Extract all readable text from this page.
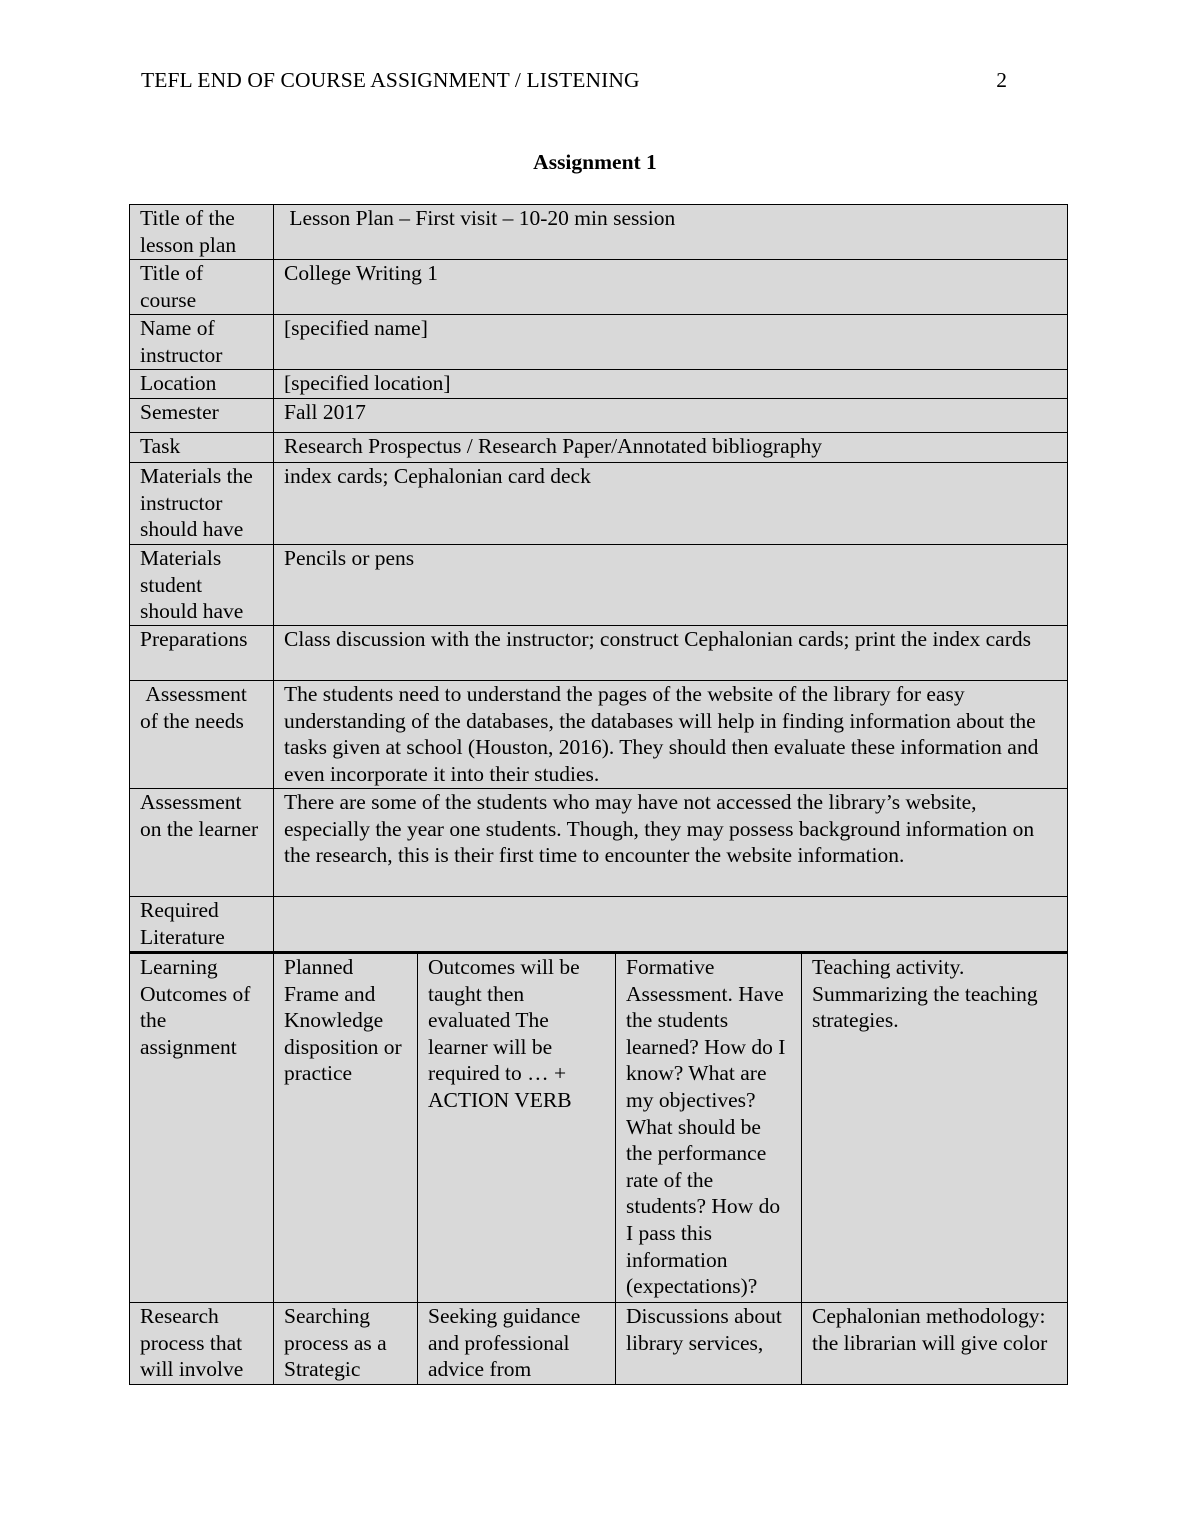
TEFL END OF COURSE ASSIGNMENT / LISTENING	2
Assignment 1
Title of the lesson plan	Lesson Plan – First visit – 10-20 min session			
Title of course	College Writing 1			
Name of instructor	[specified name]			
Location	[specified location]			
Semester	Fall 2017			
Task	Research Prospectus / Research Paper/Annotated bibliography			
Materials the instructor should have	index cards; Cephalonian card deck			
Materials student should have	Pencils or pens			
Preparations	Class discussion with the instructor; construct Cephalonian cards; print the index cards			
Assessment of the needs	The students need to understand the pages of the website of the library for easy understanding of the databases, the databases will help in finding information about the tasks given at school (Houston, 2016). They should then evaluate these information and even incorporate it into their studies.			
Assessment on the learner	There are some of the students who may have not accessed the library’s website, especially the year one students. Though, they may possess background information on the research, this is their first time to encounter the website information.			
Required Literature				
Learning Outcomes of the assignment	Planned Frame and Knowledge disposition or practice	Outcomes will be taught then evaluated The learner will be required to … + ACTION VERB	Formative Assessment. Have the students learned? How do I know? What are my objectives? What should be the performance rate of the students? How do I pass this information (expectations)?	Teaching activity. Summarizing the teaching strategies.
Research process that will involve	Searching process as a Strategic	Seeking guidance and professional advice from	Discussions about library services,	Cephalonian methodology: the librarian will give color
